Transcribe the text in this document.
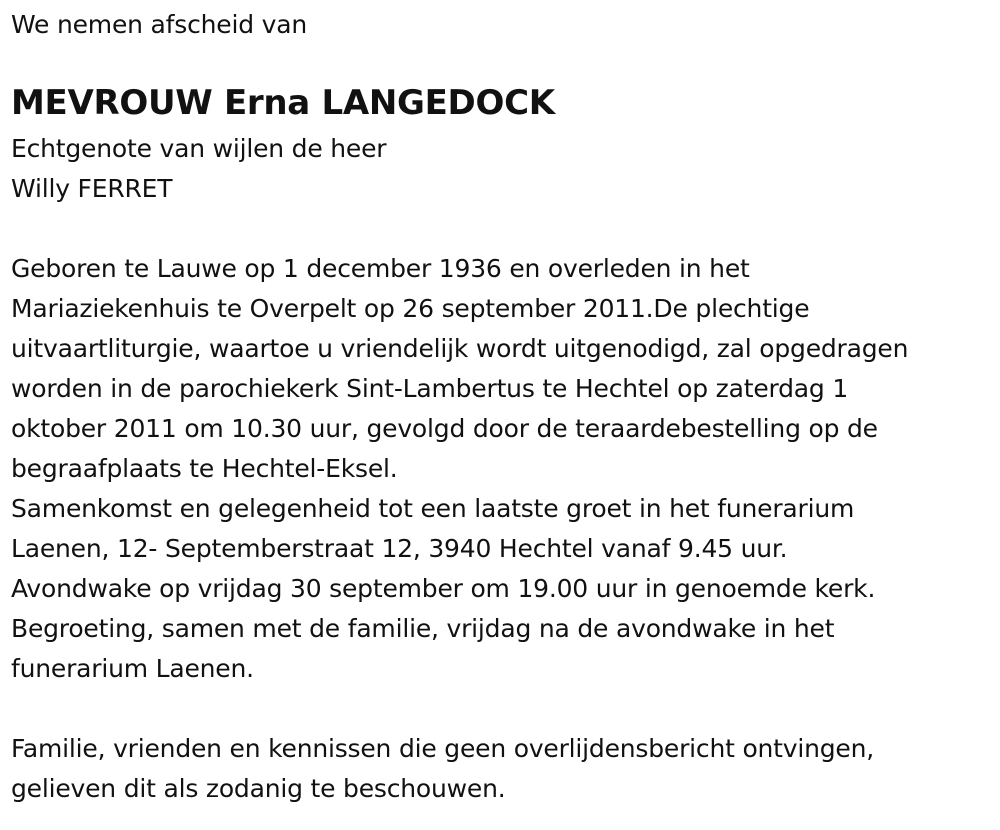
We nemen afscheid van

MEVROUW Erna LANGEDOCK

Echtgenote van wijlen de heer

Willy FERRET

Geboren te Lauwe op 1 december 1936 en overleden in het

Mariaziekenhuis te Overpelt op 26 september 2011.De plechtige

uitvaartliturgie, waartoe u vriendelijk wordt uitgenodigd, zal opgedragen

worden in de parochiekerk Sint-Lambertus te Hechtel op zaterdag 1

oktober 2011 om 10.30 uur, gevolgd door de teraardebestelling op de

begraafplaats te Hechtel-Eksel.

Samenkomst en gelegenheid tot een laatste groet in het funerarium

Laenen, 12- Septemberstraat 12, 3940 Hechtel vanaf 9.45 uur.

Avondwake op vrijdag 30 september om 19.00 uur in genoemde kerk.

Begroeting, samen met de familie, vrijdag na de avondwake in het

funerarium Laenen.

Familie, vrienden en kennissen die geen overlijdensbericht ontvingen,

gelieven dit als zodanig te beschouwen.
